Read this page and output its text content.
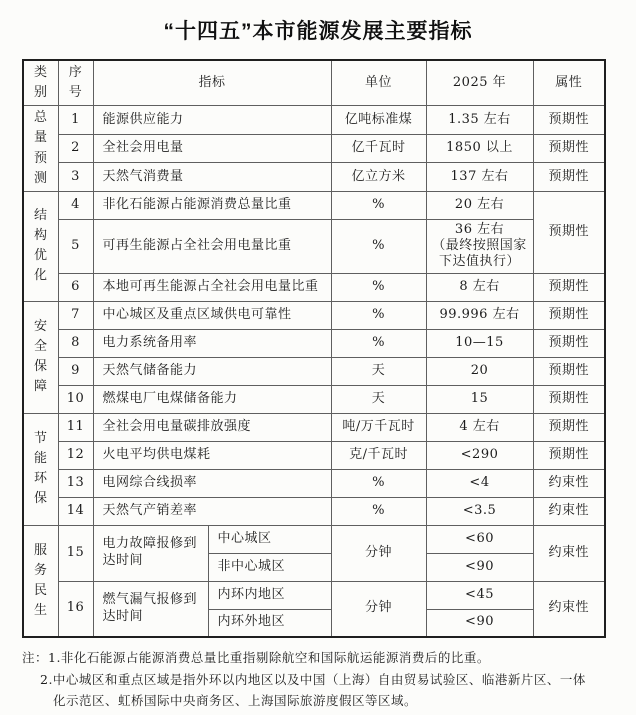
“十四五”本市能源发展主要指标
类别	序号	指标		单位	2025 年	属性

总量预测	1	能源供应能力		亿吨标准煤	1.35 左右	预期性
	2	全社会用电量		亿千瓦时	1850 以上	预期性
	3	天然气消费量		亿立方米	137 左右	预期性

结构优化	4	非化石能源占能源消费总量比重		%	20 左右	预期性
	5	可再生能源占全社会用电量比重		%	36 左右
（最终按照国家
下达值执行）	

	6	本地可再生能源占全社会用电量比重		%	8 左右	预期性

安全保障	7	中心城区及重点区域供电可靠性		%	99.996 左右	预期性
	8	电力系统备用率		%	10—15	预期性
	9	天然气储备能力		天	20	预期性
	10	燃煤电厂电煤储备能力		天	15	预期性

节能环保	11	全社会用电量碳排放强度		吨/万千瓦时	4 左右	预期性
	12	火电平均供电煤耗		克/千瓦时	<290	预期性
	13	电网综合线损率		%	<4	约束性
	14	天然气产销差率		%	<3.5	约束性

服务民生	15	电力故障报修到达时间	中心城区	分钟	<60	约束性
			非中心城区		<90	
	16	燃气漏气报修到达时间	内环内地区	分钟	<45	约束性
			内环外地区		<90	
注：1.非化石能源占能源消费总量比重指剔除航空和国际航运能源消费后的比重。
2.中心城区和重点区域是指外环以内地区以及中国（上海）自由贸易试验区、临港新片区、一体
化示范区、虹桥国际中央商务区、上海国际旅游度假区等区域。
